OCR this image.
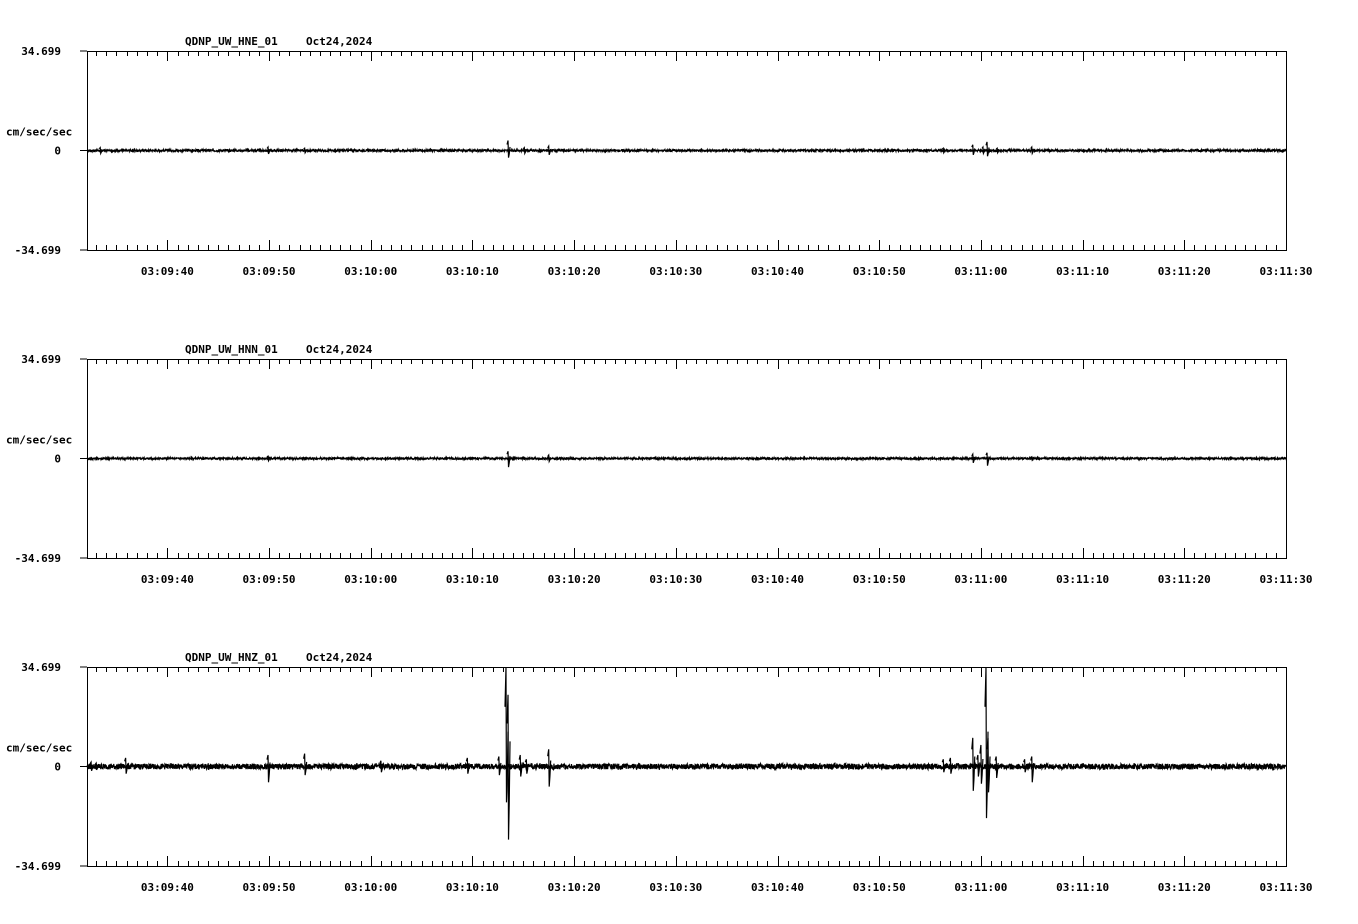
QDNP_UW_HNE_01	Oct24,2024
34.699
0
-34.699
cm/sec/sec
03:09:40	03:09:50	03:10:00	03:10:10	03:10:20	03:10:30	03:10:40	03:10:50	03:11:00	03:11:10	03:11:20	03:11:30
QDNP_UW_HNN_01	Oct24,2024
34.699
0
-34.699
cm/sec/sec
03:09:40	03:09:50	03:10:00	03:10:10	03:10:20	03:10:30	03:10:40	03:10:50	03:11:00	03:11:10	03:11:20	03:11:30
QDNP_UW_HNZ_01	Oct24,2024
34.699
0
-34.699
cm/sec/sec
03:09:40	03:09:50	03:10:00	03:10:10	03:10:20	03:10:30	03:10:40	03:10:50	03:11:00	03:11:10	03:11:20	03:11:30
